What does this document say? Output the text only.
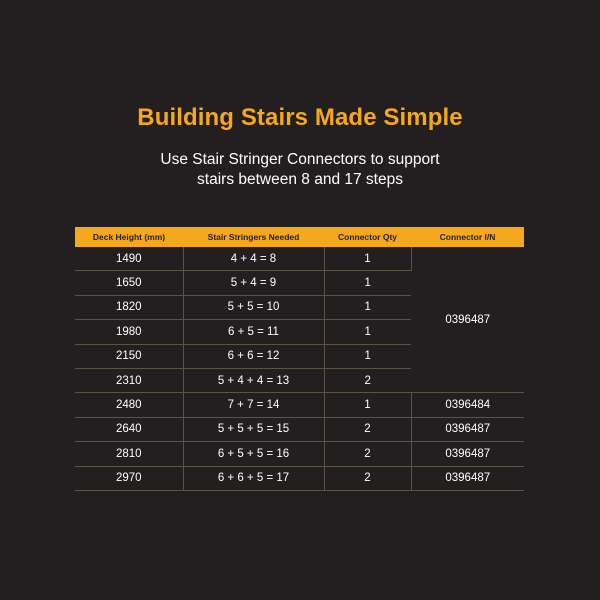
Building Stairs Made Simple
Use Stair Stringer Connectors to support
stairs between 8 and 17 steps
Deck Height (mm)	Stair Stringers Needed	Connector Qty	Connector I/N
1490	4 + 4 = 8	1	0396487
1650	5 + 4 = 9	1	
1820	5 + 5 = 10	1	
1980	6 + 5 = 11	1	
2150	6 + 6 = 12	1	
2310	5 + 4 + 4 = 13	2	
2480	7 + 7 = 14	1	0396484
2640	5 + 5 + 5 = 15	2	0396487
2810	6 + 5 + 5 = 16	2	0396487
2970	6 + 6 + 5 = 17	2	0396487
